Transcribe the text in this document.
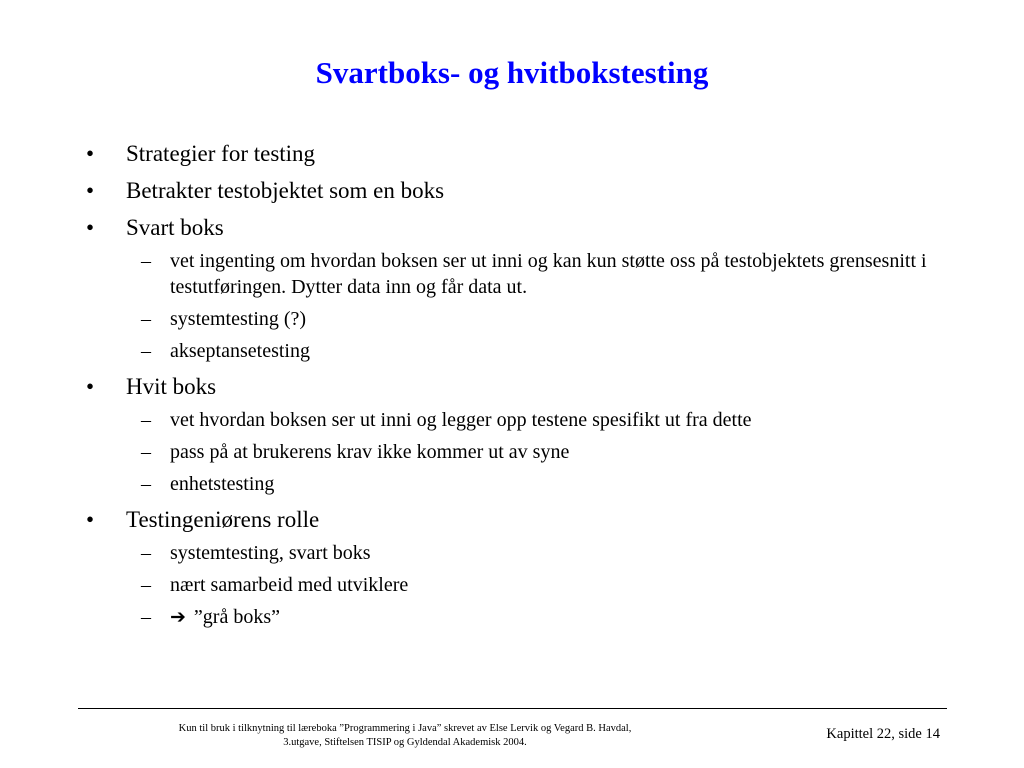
Svartboks- og hvitbokstesting
• Strategier for testing
• Betrakter testobjektet som en boks
• Svart boks
– vet ingenting om hvordan boksen ser ut inni og kan kun støtte oss på testobjektets grensesnitt i testutføringen. Dytter data inn og får data ut.
– systemtesting (?)
– akseptansetesting
• Hvit boks
– vet hvordan boksen ser ut inni og legger opp testene spesifikt ut fra dette
– pass på at brukerens krav ikke kommer ut av syne
– enhetstesting
• Testingeniørens rolle
– systemtesting, svart boks
– nært samarbeid med utviklere
– ➔ ”grå boks”
Kun til bruk i tilknytning til læreboka ”Programmering i Java” skrevet av Else Lervik og Vegard B. Havdal,
3.utgave, Stiftelsen TISIP og Gyldendal Akademisk 2004.
Kapittel 22, side 14
